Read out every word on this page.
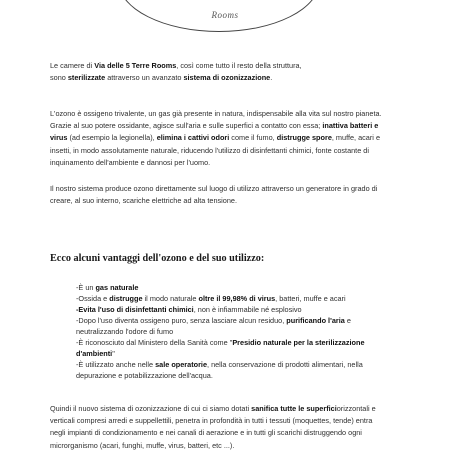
Rooms
Le camere di Via delle 5 Terre Rooms, così come tutto il resto della struttura,
sono sterilizzate attraverso un avanzato sistema di ozonizzazione.
L'ozono è ossigeno trivalente, un gas già presente in natura, indispensabile alla vita sul nostro pianeta.
Grazie al suo potere ossidante, agisce sull'aria e sulle superfici a contatto con essa; inattiva batteri e
virus (ad esempio la legionella), elimina i cattivi odori come il fumo, distrugge spore, muffe, acari e
insetti, in modo assolutamente naturale, riducendo l'utilizzo di disinfettanti chimici, fonte costante di
inquinamento dell'ambiente e dannosi per l'uomo.
Il nostro sistema produce ozono direttamente sul luogo di utilizzo attraverso un generatore in grado di
creare, al suo interno, scariche elettriche ad alta tensione.
Ecco alcuni vantaggi dell'ozono e del suo utilizzo:
-È un gas naturale
-Ossida e distrugge il modo naturale oltre il 99,98% di virus, batteri, muffe e acari
-Evita l'uso di disinfettanti chimici, non è infiammabile né esplosivo
-Dopo l'uso diventa ossigeno puro, senza lasciare alcun residuo, purificando l'aria e
neutralizzando l'odore di fumo
-È riconosciuto dal Ministero della Sanità come "Presidio naturale per la sterilizzazione
d'ambienti"
-È utilizzato anche nelle sale operatorie, nella conservazione di prodotti alimentari, nella
depurazione e potabilizzazione dell'acqua.
Quindi il nuovo sistema di ozonizzazione di cui ci siamo dotati sanifica tutte le superficiorizzontali e
verticali compresi arredi e suppellettili, penetra in profondità in tutti i tessuti (moquettes, tende) entra
negli impianti di condizionamento e nei canali di aerazione e in tutti gli scarichi distruggendo ogni
microrganismo (acari, funghi, muffe, virus, batteri, etc ...).
